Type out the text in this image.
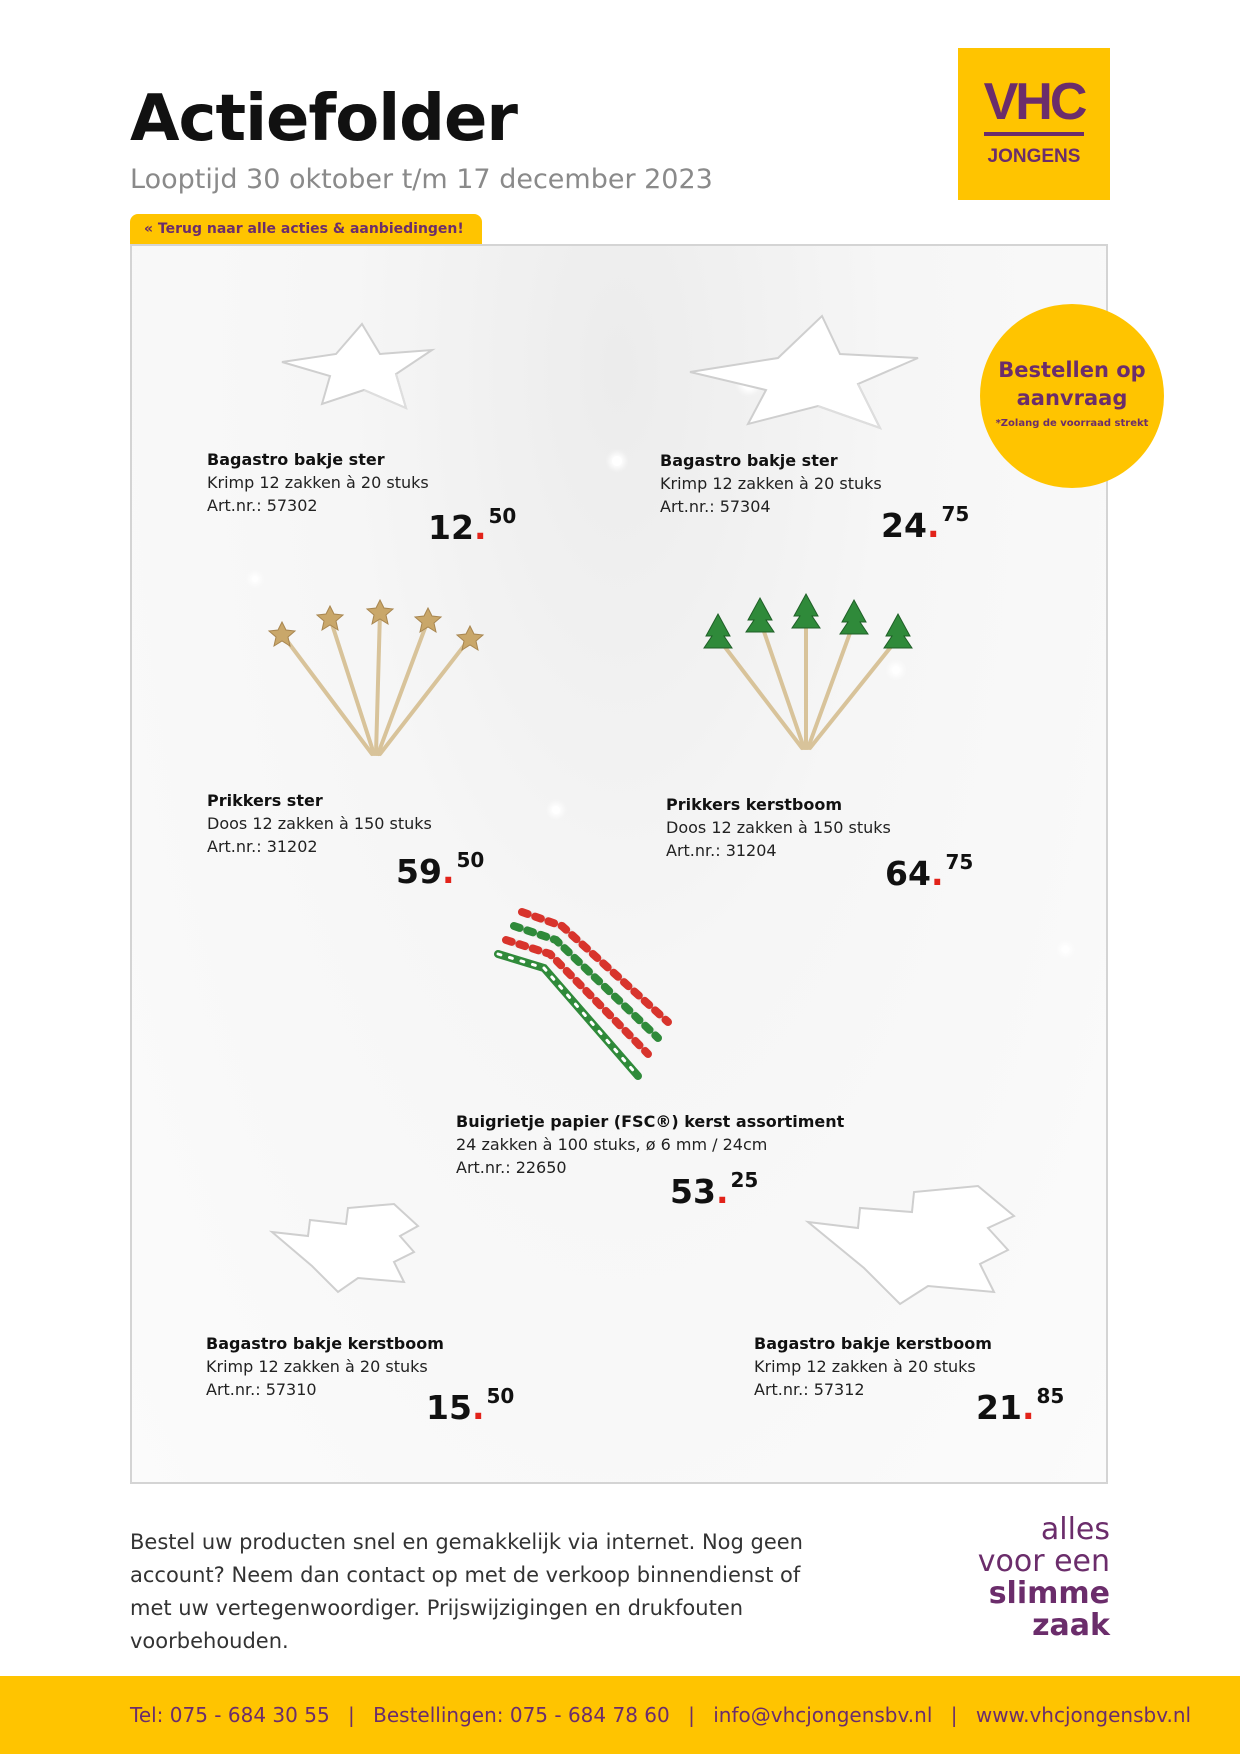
Actiefolder
Looptijd 30 oktober t/m 17 december 2023
VHC
JONGENS
« Terug naar alle acties & aanbiedingen!
Bestellen op aanvraag
*Zolang de voorraad strekt
Bagastro bakje ster
Krimp 12 zakken à 20 stuks
Art.nr.: 57302
12. $^{50}$
Bagastro bakje ster
Krimp 12 zakken à 20 stuks
Art.nr.: 57304	24. $^{75}$
Prikkers ster
Doos 12 zakken à 150 stuks
Art.nr.: 31202
59. $^{50}$
Prikkers kerstboom
Doos 12 zakken à 150 stuks
Art.nr.: 31204
64. $^{75}$
Buigrietje papier (FSC®) kerst assortiment
24 zakken à 100 stuks, ø 6 mm / 24cm
Art.nr.: 22650
53. $^{25}$
Bagastro bakje kerstboom
Krimp 12 zakken à 20 stuks
Art.nr.: 57310	15. $^{50}$
Bagastro bakje kerstboom
Krimp 12 zakken à 20 stuks
Art.nr.: 57312	21. $^{85}$
Bestel uw producten snel en gemakkelijk via internet. Nog geen account? Neem dan contact op met de verkoop binnendienst of met uw vertegenwoordiger. Prijswijzigingen en drukfouten voorbehouden.
alles
voor een
slimme
zaak
Tel: 075 - 684 30 55 | Bestellingen: 075 - 684 78 60 | info@vhcjongensbv.nl | www.vhcjongensbv.nl
